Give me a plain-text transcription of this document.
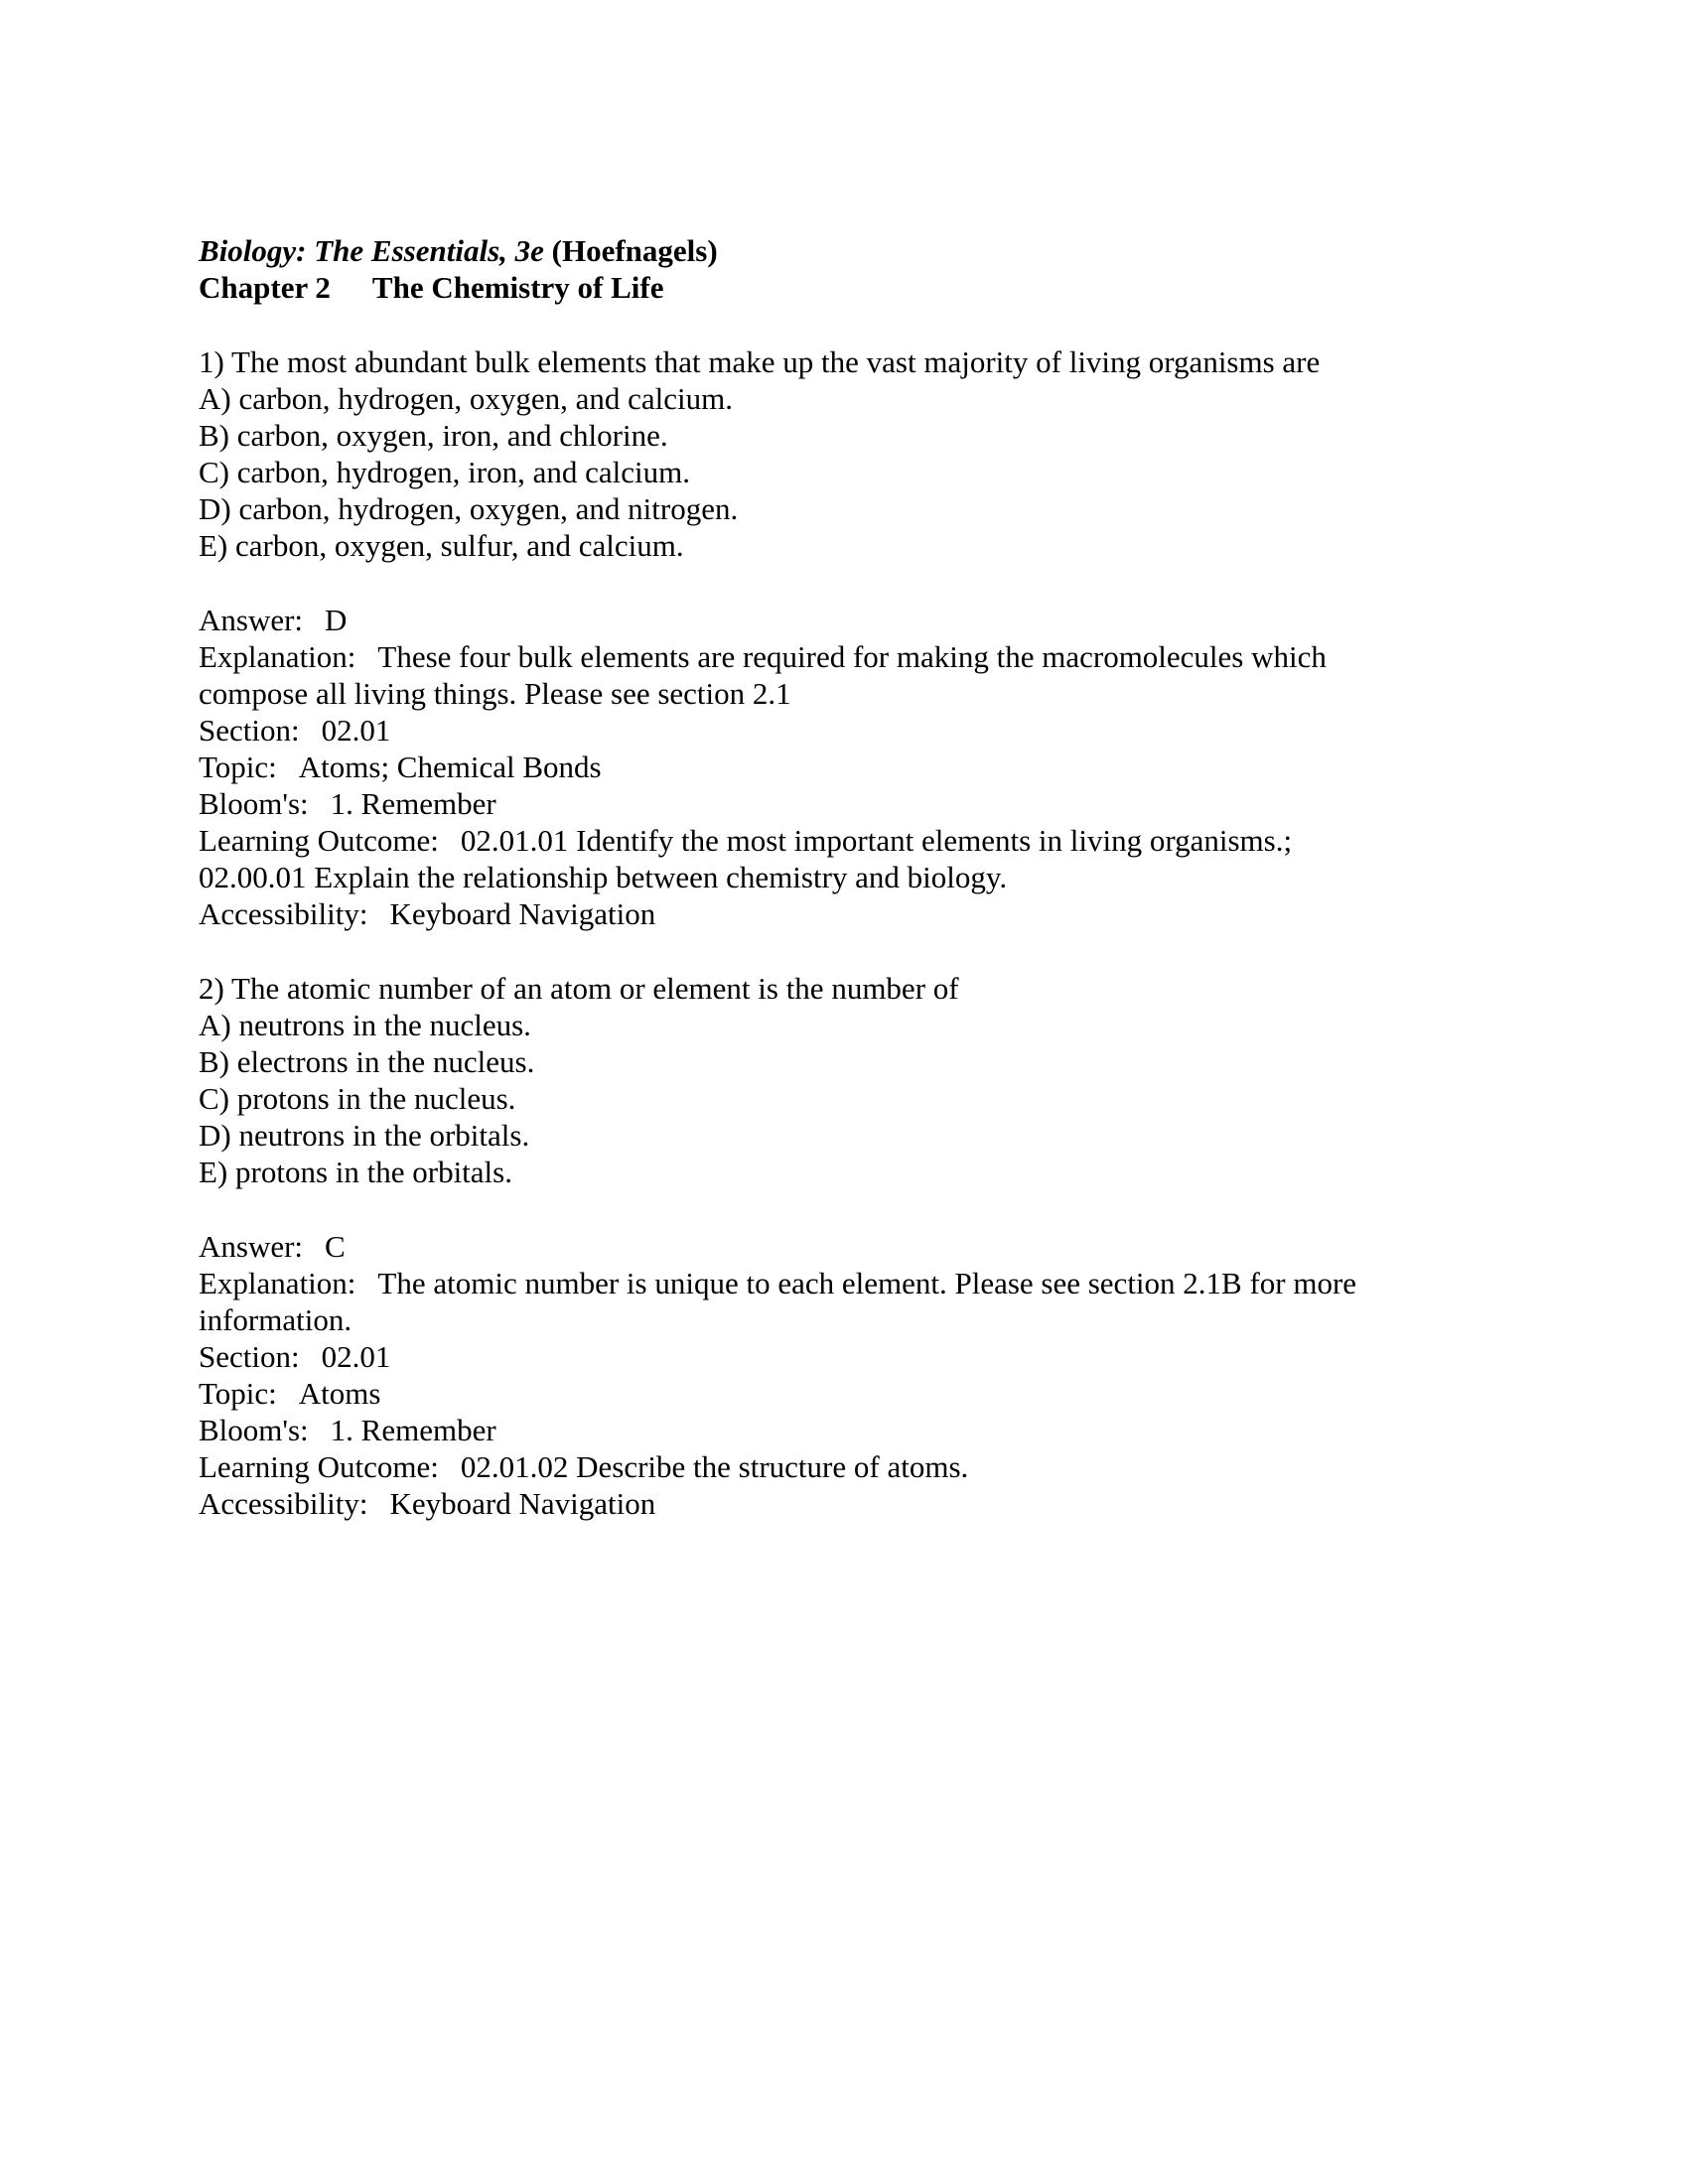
Biology: The Essentials, 3e (Hoefnagels)
Chapter 2 The Chemistry of Life
1) The most abundant bulk elements that make up the vast majority of living organisms are
A) carbon, hydrogen, oxygen, and calcium.
B) carbon, oxygen, iron, and chlorine.
C) carbon, hydrogen, iron, and calcium.
D) carbon, hydrogen, oxygen, and nitrogen.
E) carbon, oxygen, sulfur, and calcium.
Answer: D
Explanation: These four bulk elements are required for making the macromolecules which
compose all living things. Please see section 2.1
Section: 02.01
Topic: Atoms; Chemical Bonds
Bloom's: 1. Remember
Learning Outcome: 02.01.01 Identify the most important elements in living organisms.;
02.00.01 Explain the relationship between chemistry and biology.
Accessibility: Keyboard Navigation
2) The atomic number of an atom or element is the number of
A) neutrons in the nucleus.
B) electrons in the nucleus.
C) protons in the nucleus.
D) neutrons in the orbitals.
E) protons in the orbitals.
Answer: C
Explanation: The atomic number is unique to each element. Please see section 2.1B for more
information.
Section: 02.01
Topic: Atoms
Bloom's: 1. Remember
Learning Outcome: 02.01.02 Describe the structure of atoms.
Accessibility: Keyboard Navigation
